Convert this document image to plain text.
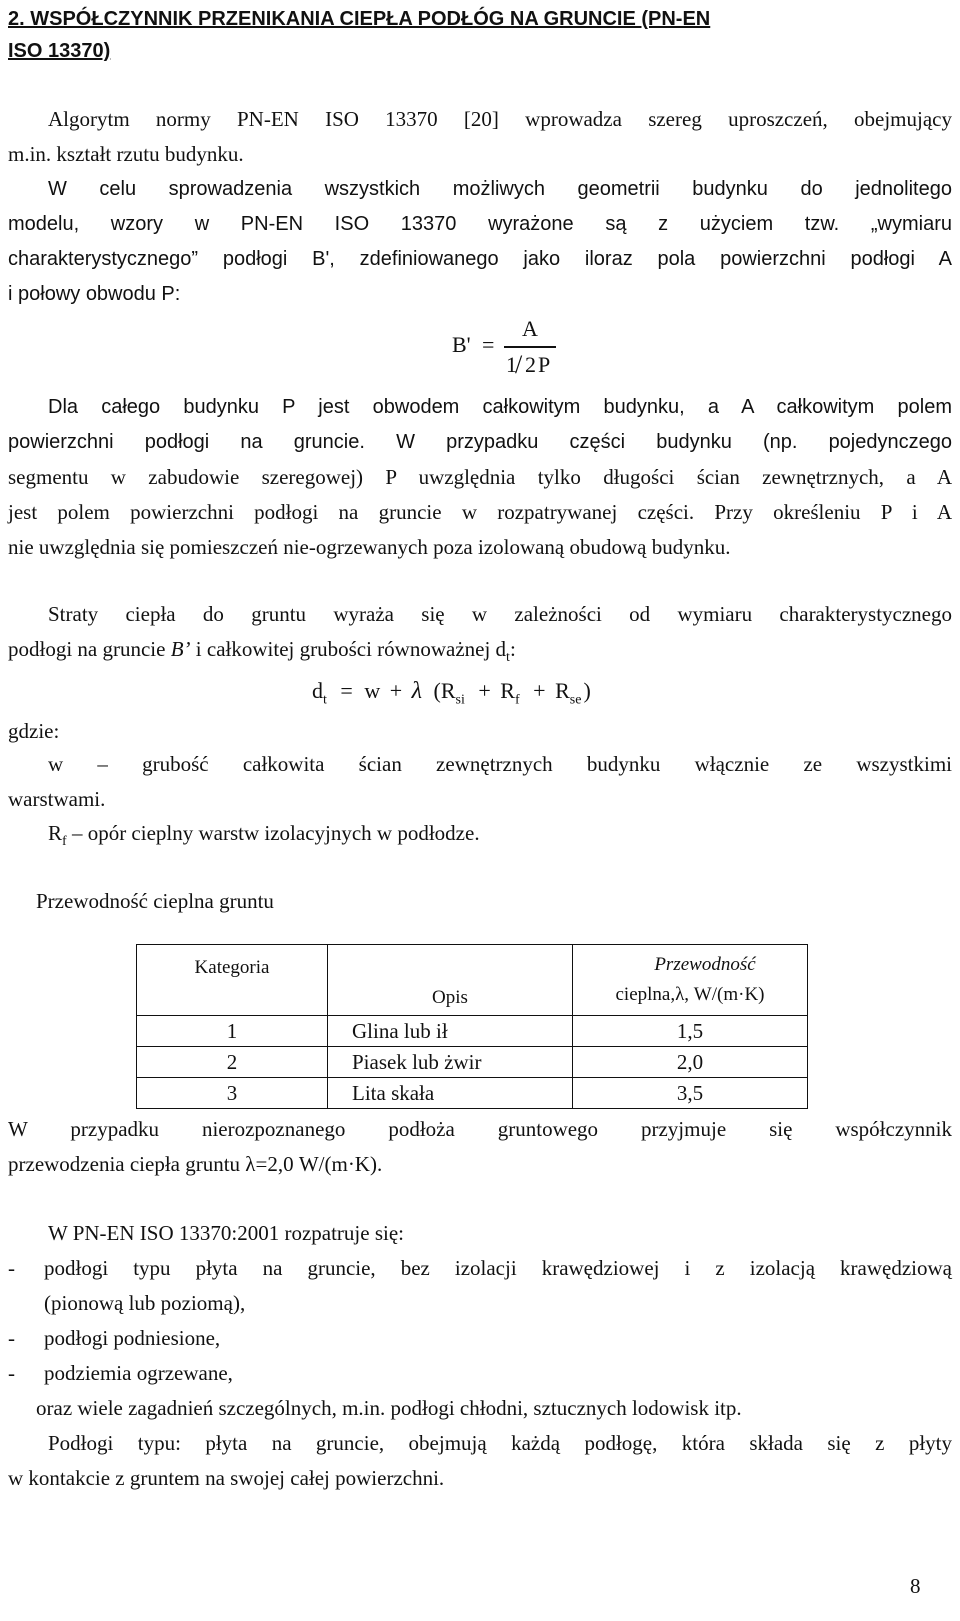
2. WSPÓŁCZYNNIK PRZENIKANIA CIEPŁA PODŁÓG NA GRUNCIE (PN-EN
ISO 13370)
Algorytm normy PN-EN ISO 13370 [20] wprowadza szereg uproszczeń, obejmujący
m.in. kształt rzutu budynku.
W celu sprowadzenia wszystkich możliwych geometrii budynku do jednolitego
modelu, wzory w PN-EN ISO 13370 wyrażone są z użyciem tzw. „wymiaru
charakterystycznego” podłogi B', zdefiniowanego jako iloraz pola powierzchni podłogi A
i połowy obwodu P:
B' =
A
1
/ 2 P
Dla całego budynku P jest obwodem całkowitym budynku, a A całkowitym polem
powierzchni podłogi na gruncie. W przypadku części budynku (np. pojedynczego
segmentu w zabudowie szeregowej) P uwzględnia tylko długości ścian zewnętrznych, a A
jest polem powierzchni podłogi na gruncie w rozpatrywanej części. Przy określeniu P i A
nie uwzględnia się pomieszczeń nie-ogrzewanych poza izolowaną obudową budynku.
Straty ciepła do gruntu wyraża się w zależności od wymiaru charakterystycznego
podłogi na gruncie B’ i całkowitej grubości równoważnej $d_t$:
$d_t = w + \lambda$ $(R_{si} + R_f + R_{se})$
gdzie:
w – grubość całkowita ścian zewnętrznych budynku włącznie ze wszystkimi
warstwami.
$R_f$ – opór cieplny warstw izolacyjnych w podłodze.
Przewodność cieplna gruntu
Kategoria	Opis	Przewodność
cieplna,λ, W/(m·K)

1	Glina lub ił	1,5
2	Piasek lub żwir	2,0
3	Lita skała	3,5
W przypadku nierozpoznanego podłoża gruntowego przyjmuje się współczynnik
przewodzenia ciepła gruntu λ=2,0 W/(m·K).
W PN-EN ISO 13370:2001 rozpatruje się:
-	podłogi typu płyta na gruncie, bez izolacji krawędziowej i z izolacją krawędziową
(pionową lub poziomą),
-	podłogi podniesione,
-	podziemia ogrzewane,
oraz wiele zagadnień szczególnych, m.in. podłogi chłodni, sztucznych lodowisk itp.
Podłogi typu: płyta na gruncie, obejmują każdą podłogę, która składa się z płyty
w kontakcie z gruntem na swojej całej powierzchni.
8
